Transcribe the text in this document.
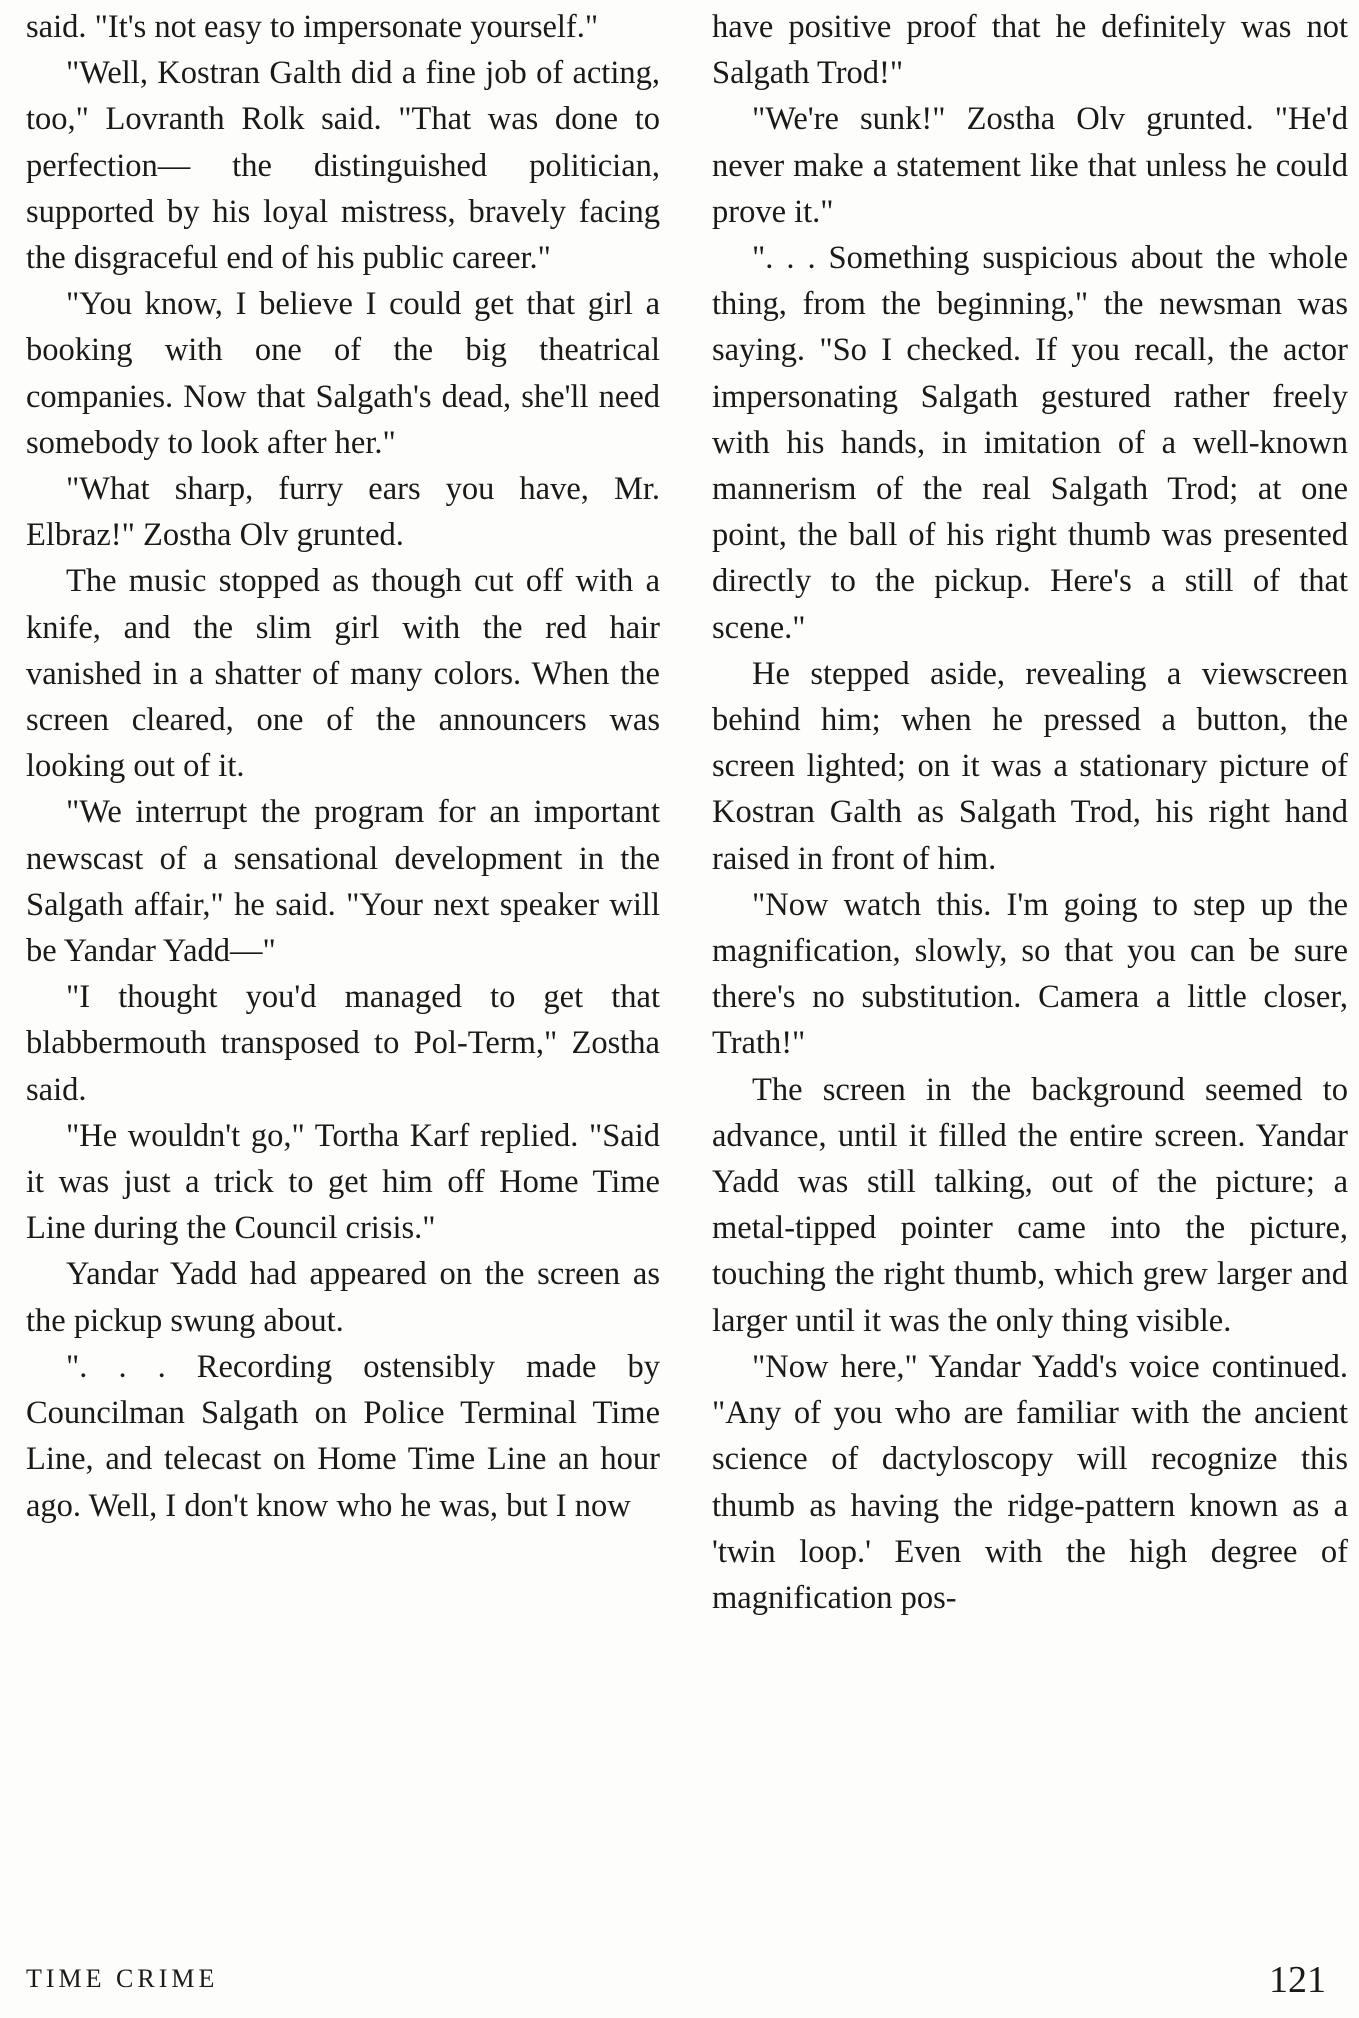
said. "It's not easy to impersonate yourself."

"Well, Kostran Galth did a fine job of acting, too," Lovranth Rolk said. "That was done to perfection— the distinguished politician, supported by his loyal mistress, bravely facing the disgraceful end of his public career."

"You know, I believe I could get that girl a booking with one of the big theatrical companies. Now that Salgath's dead, she'll need somebody to look after her."

"What sharp, furry ears you have, Mr. Elbraz!" Zostha Olv grunted.

The music stopped as though cut off with a knife, and the slim girl with the red hair vanished in a shatter of many colors. When the screen cleared, one of the announcers was looking out of it.

"We interrupt the program for an important newscast of a sensational development in the Salgath affair," he said. "Your next speaker will be Yandar Yadd—"

"I thought you'd managed to get that blabbermouth transposed to Pol-Term," Zostha said.

"He wouldn't go," Tortha Karf replied. "Said it was just a trick to get him off Home Time Line during the Council crisis."

Yandar Yadd had appeared on the screen as the pickup swung about.

". . . Recording ostensibly made by Councilman Salgath on Police Terminal Time Line, and telecast on Home Time Line an hour ago. Well, I don't know who he was, but I now

have positive proof that he definitely was not Salgath Trod!"

"We're sunk!" Zostha Olv grunted. "He'd never make a statement like that unless he could prove it."

". . . Something suspicious about the whole thing, from the beginning," the newsman was saying. "So I checked. If you recall, the actor impersonating Salgath gestured rather freely with his hands, in imitation of a well-known mannerism of the real Salgath Trod; at one point, the ball of his right thumb was presented directly to the pickup. Here's a still of that scene."

He stepped aside, revealing a viewscreen behind him; when he pressed a button, the screen lighted; on it was a stationary picture of Kostran Galth as Salgath Trod, his right hand raised in front of him.

"Now watch this. I'm going to step up the magnification, slowly, so that you can be sure there's no substitution. Camera a little closer, Trath!"

The screen in the background seemed to advance, until it filled the entire screen. Yandar Yadd was still talking, out of the picture; a metal-tipped pointer came into the picture, touching the right thumb, which grew larger and larger until it was the only thing visible.

"Now here," Yandar Yadd's voice continued. "Any of you who are familiar with the ancient science of dactyloscopy will recognize this thumb as having the ridge-pattern known as a 'twin loop.' Even with the high degree of magnification pos-

TIME CRIME	121
